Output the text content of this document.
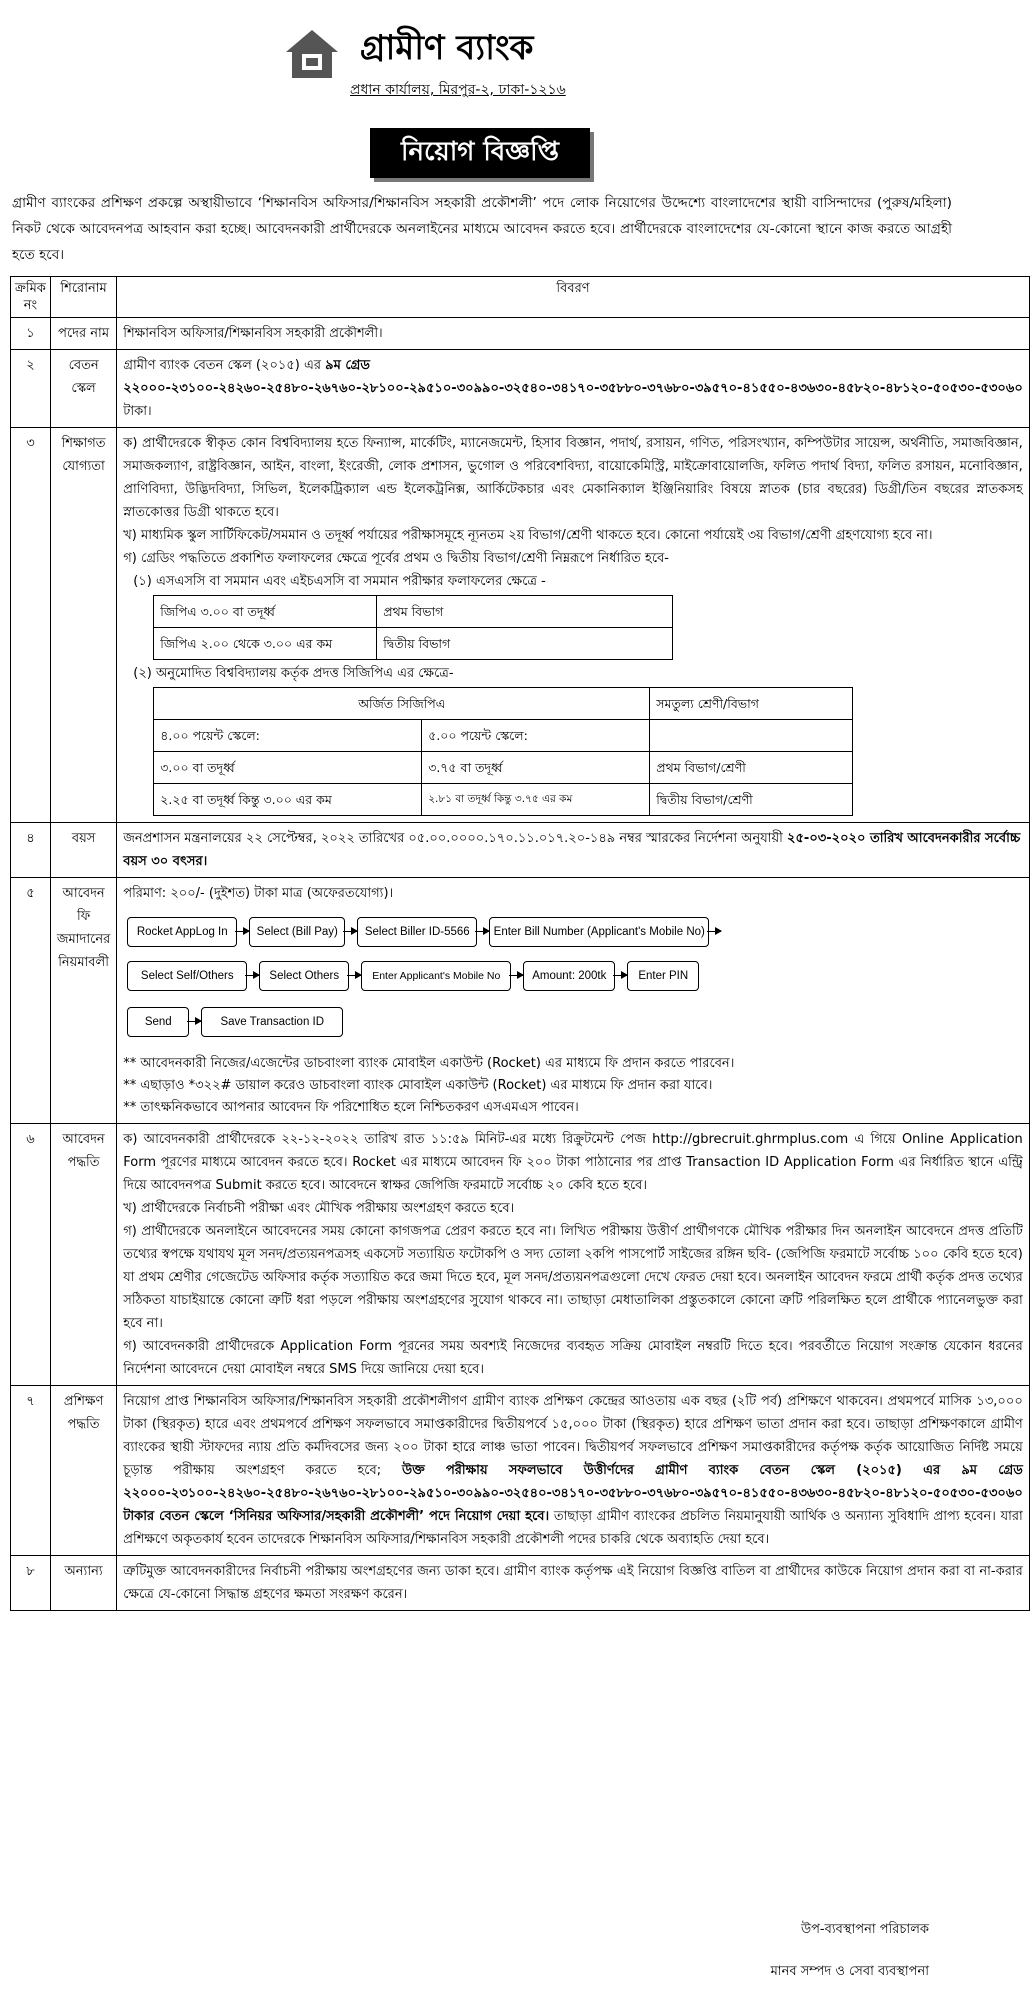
গ্রামীণ ব্যাংক
প্রধান কার্যালয়, মিরপুর-২, ঢাকা-১২১৬
নিয়োগ বিজ্ঞপ্তি
গ্রামীণ ব্যাংকের প্রশিক্ষণ প্রকল্পে অস্থায়ীভাবে ‘শিক্ষানবিস অফিসার/শিক্ষানবিস সহকারী প্রকৌশলী’ পদে লোক নিয়োগের উদ্দেশ্যে বাংলাদেশের স্থায়ী বাসিন্দাদের (পুরুষ/মহিলা) নিকট থেকে আবেদনপত্র আহবান করা হচ্ছে। আবেদনকারী প্রার্থীদেরকে অনলাইনের মাধ্যমে আবেদন করতে হবে। প্রার্থীদেরকে বাংলাদেশের যে-কোনো স্থানে কাজ করতে আগ্রহী হতে হবে।
ক্রমিক নং	শিরোনাম	বিবরণ
১	পদের নাম	শিক্ষানবিস অফিসার/শিক্ষানবিস সহকারী প্রকৌশলী।
২	বেতন স্কেল	গ্রামীণ ব্যাংক বেতন স্কেল (২০১৫) এর ৯ম গ্রেড ২২০০০-২৩১০০-২৪২৬০-২৫৪৮০-২৬৭৬০-২৮১০০-২৯৫১০-৩০৯৯০-৩২৫৪০-৩৪১৭০-৩৫৮৮০-৩৭৬৮০-৩৯৫৭০-৪১৫৫০-৪৩৬৩০-৪৫৮২০-৪৮১২০-৫০৫৩০-৫৩০৬০ টাকা।
৩	শিক্ষাগত যোগ্যতা	

ক) প্রার্থীদেরকে স্বীকৃত কোন বিশ্ববিদ্যালয় হতে ফিন্যান্স, মার্কেটিং, ম্যানেজমেন্ট, হিসাব বিজ্ঞান, পদার্থ, রসায়ন, গণিত, পরিসংখ্যান, কম্পিউটার সায়েন্স, অর্থনীতি, সমাজবিজ্ঞান, সমাজকল্যাণ, রাষ্ট্রবিজ্ঞান, আইন, বাংলা, ইংরেজী, লোক প্রশাসন, ভুগোল ও পরিবেশবিদ্যা, বায়োকেমিস্ট্রি, মাইক্রোবায়োলজি, ফলিত পদার্থ বিদ্যা, ফলিত রসায়ন, মনোবিজ্ঞান, প্রাণিবিদ্যা, উদ্ভিদবিদ্যা, সিভিল, ইলেকট্রিক্যাল এন্ড ইলেকট্রনিক্স, আর্কিটেকচার এবং মেকানিক্যাল ইঞ্জিনিয়ারিং বিষয়ে স্নাতক (চার বছরের) ডিগ্রী/তিন বছরের স্নাতকসহ স্নাতকোত্তর ডিগ্রী থাকতে হবে।

খ) মাধ্যমিক স্কুল সার্টিফিকেট/সমমান ও তদূর্ধ্ব পর্যায়ের পরীক্ষাসমূহে ন্যূনতম ২য় বিভাগ/শ্রেণী থাকতে হবে। কোনো পর্যায়েই ৩য় বিভাগ/শ্রেণী গ্রহণযোগ্য হবে না।

গ) গ্রেডিং পদ্ধতিতে প্রকাশিত ফলাফলের ক্ষেত্রে পূর্বের প্রথম ও দ্বিতীয় বিভাগ/শ্রেণী নিম্নরূপে নির্ধারিত হবে-

(১) এসএসসি বা সমমান এবং এইচএসসি বা সমমান পরীক্ষার ফলাফলের ক্ষেত্রে -

জিপিএ ৩.০০ বা তদূর্ধ্ব	প্রথম বিভাগ
জিপিএ ২.০০ থেকে ৩.০০ এর কম	দ্বিতীয় বিভাগ

(২) অনুমোদিত বিশ্ববিদ্যালয় কর্তৃক প্রদত্ত সিজিপিএ এর ক্ষেত্রে-

অর্জিত সিজিপিএ	সমতুল্য শ্রেণী/বিভাগ
৪.০০ পয়েন্ট স্কেলে:	৫.০০ পয়েন্ট স্কেলে:	
৩.০০ বা তদূর্ধ্ব	৩.৭৫ বা তদূর্ধ্ব	প্রথম বিভাগ/শ্রেণী
২.২৫ বা তদূর্ধ্ব কিন্তু ৩.০০ এর কম	২.৮১ বা তদূর্ধ্ব কিন্তু ৩.৭৫ এর কম	দ্বিতীয় বিভাগ/শ্রেণী

৪	বয়স	জনপ্রশাসন মন্ত্রনালয়ের ২২ সেপ্টেম্বর, ২০২২ তারিখের ০৫.০০.০০০০.১৭০.১১.০১৭.২০-১৪৯ নম্বর স্মারকের নির্দেশনা অনুযায়ী ২৫-০৩-২০২০ তারিখ আবেদনকারীর সর্বোচ্চ বয়স ৩০ বৎসর।
৫	আবেদন ফি জমাদানের নিয়মাবলী	

পরিমাণ: ২০০/- (দুইশত) টাকা মাত্র (অফেরতযোগ্য)।

Rocket AppLog In	Select (Bill Pay)	Select Biller ID-5566	Enter Bill Number (Applicant's Mobile No)
Select Self/Others	Select Others	Enter Applicant's Mobile No	Amount: 200tk	Enter PIN
Send	Save Transaction ID

** আবেদনকারী নিজের/এজেন্টের ডাচবাংলা ব্যাংক মোবাইল একাউন্ট (Rocket) এর মাধ্যমে ফি প্রদান করতে পারবেন।

** এছাড়াও *৩২২# ডায়াল করেও ডাচবাংলা ব্যাংক মোবাইল একাউন্ট (Rocket) এর মাধ্যমে ফি প্রদান করা যাবে।

** তাৎক্ষনিকভাবে আপনার আবেদন ফি পরিশোধিত হলে নিশ্চিতকরণ এসএমএস পাবেন।

৬	আবেদন পদ্ধতি	

ক) আবেদনকারী প্রার্থীদেরকে ২২-১২-২০২২ তারিখ রাত ১১:৫৯ মিনিট-এর মধ্যে রিক্রুটমেন্ট পেজ http://gbrecruit.ghrmplus.com এ গিয়ে Online Application Form পূরণের মাধ্যমে আবেদন করতে হবে। Rocket এর মাধ্যমে আবেদন ফি ২০০ টাকা পাঠানোর পর প্রাপ্ত Transaction ID Application Form এর নির্ধারিত স্থানে এন্ট্রি দিয়ে আবেদনপত্র Submit করতে হবে। আবেদনে স্বাক্ষর জেপিজি ফরমাটে সর্বোচ্চ ২০ কেবি হতে হবে।

খ) প্রার্থীদেরকে নির্বাচনী পরীক্ষা এবং মৌখিক পরীক্ষায় অংশগ্রহণ করতে হবে।

গ) প্রার্থীদেরকে অনলাইনে আবেদনের সময় কোনো কাগজপত্র প্রেরণ করতে হবে না। লিখিত পরীক্ষায় উত্তীর্ণ প্রার্থীগণকে মৌখিক পরীক্ষার দিন অনলাইন আবেদনে প্রদত্ত প্রতিটি তথ্যের স্বপক্ষে যথাযথ মূল সনদ/প্রত্যয়নপত্রসহ একসেট সত্যায়িত ফটোকপি ও সদ্য তোলা ২কপি পাসপোর্ট সাইজের রঙ্গিন ছবি- (জেপিজি ফরমাটে সর্বোচ্চ ১০০ কেবি হতে হবে) যা প্রথম শ্রেণীর গেজেটেড অফিসার কর্তৃক সত্যায়িত করে জমা দিতে হবে, মূল সনদ/প্রত্যয়নপত্রগুলো দেখে ফেরত দেয়া হবে। অনলাইন আবেদন ফরমে প্রার্থী কর্তৃক প্রদত্ত তথ্যের সঠিকতা যাচাইয়ান্তে কোনো ত্রুটি ধরা পড়লে পরীক্ষায় অংশগ্রহণের সুযোগ থাকবে না। তাছাড়া মেধাতালিকা প্রস্তুতকালে কোনো ত্রুটি পরিলক্ষিত হলে প্রার্থীকে প্যানেলভুক্ত করা হবে না।

গ) আবেদনকারী প্রার্থীদেরকে Application Form পূরনের সময় অবশ্যই নিজেদের ব্যবহৃত সক্রিয় মোবাইল নম্বরটি দিতে হবে। পরবর্তীতে নিয়োগ সংক্রান্ত যেকোন ধরনের নির্দেশনা আবেদনে দেয়া মোবাইল নম্বরে SMS দিয়ে জানিয়ে দেয়া হবে।

৭	প্রশিক্ষণ পদ্ধতি	নিয়োগ প্রাপ্ত শিক্ষানবিস অফিসার/শিক্ষানবিস সহকারী প্রকৌশলীগণ গ্রামীণ ব্যাংক প্রশিক্ষণ কেন্দ্রের আওতায় এক বছর (২টি পর্ব) প্রশিক্ষণে থাকবেন। প্রথমপর্বে মাসিক ১৩,০০০ টাকা (স্থিরকৃত) হারে এবং প্রথমপর্বে প্রশিক্ষণ সফলভাবে সমাপ্তকারীদের দ্বিতীয়পর্বে ১৫,০০০ টাকা (স্থিরকৃত) হারে প্রশিক্ষণ ভাতা প্রদান করা হবে। তাছাড়া প্রশিক্ষণকালে গ্রামীণ ব্যাংকের স্থায়ী স্টাফদের ন্যায় প্রতি কর্মদিবসের জন্য ২০০ টাকা হারে লাঞ্চ ভাতা পাবেন। দ্বিতীয়পর্ব সফলভাবে প্রশিক্ষণ সমাপ্তকারীদের কর্তৃপক্ষ কর্তৃক আয়োজিত নির্দিষ্ট সময়ে চূড়ান্ত পরীক্ষায় অংশগ্রহণ করতে হবে; উক্ত পরীক্ষায় সফলভাবে উত্তীর্ণদের গ্রামীণ ব্যাংক বেতন স্কেল (২০১৫) এর ৯ম গ্রেড ২২০০০-২৩১০০-২৪২৬০-২৫৪৮০-২৬৭৬০-২৮১০০-২৯৫১০-৩০৯৯০-৩২৫৪০-৩৪১৭০-৩৫৮৮০-৩৭৬৮০-৩৯৫৭০-৪১৫৫০-৪৩৬৩০-৪৫৮২০-৪৮১২০-৫০৫৩০-৫৩০৬০ টাকার বেতন স্কেলে ‘সিনিয়র অফিসার/সহকারী প্রকৌশলী’ পদে নিয়োগ দেয়া হবে। তাছাড়া গ্রামীণ ব্যাংকের প্রচলিত নিয়মানুযায়ী আর্থিক ও অন্যান্য সুবিধাদি প্রাপ্য হবেন। যারা প্রশিক্ষণে অকৃতকার্য হবেন তাদেরকে শিক্ষানবিস অফিসার/শিক্ষানবিস সহকারী প্রকৌশলী পদের চাকরি থেকে অব্যাহতি দেয়া হবে।
৮	অন্যান্য	ত্রুটিমুক্ত আবেদনকারীদের নির্বাচনী পরীক্ষায় অংশগ্রহণের জন্য ডাকা হবে। গ্রামীণ ব্যাংক কর্তৃপক্ষ এই নিয়োগ বিজ্ঞপ্তি বাতিল বা প্রার্থীদের কাউকে নিয়োগ প্রদান করা বা না-করার ক্ষেত্রে যে-কোনো সিদ্ধান্ত গ্রহণের ক্ষমতা সংরক্ষণ করেন।
উপ-ব্যবস্থাপনা পরিচালক
মানব সম্পদ ও সেবা ব্যবস্থাপনা
